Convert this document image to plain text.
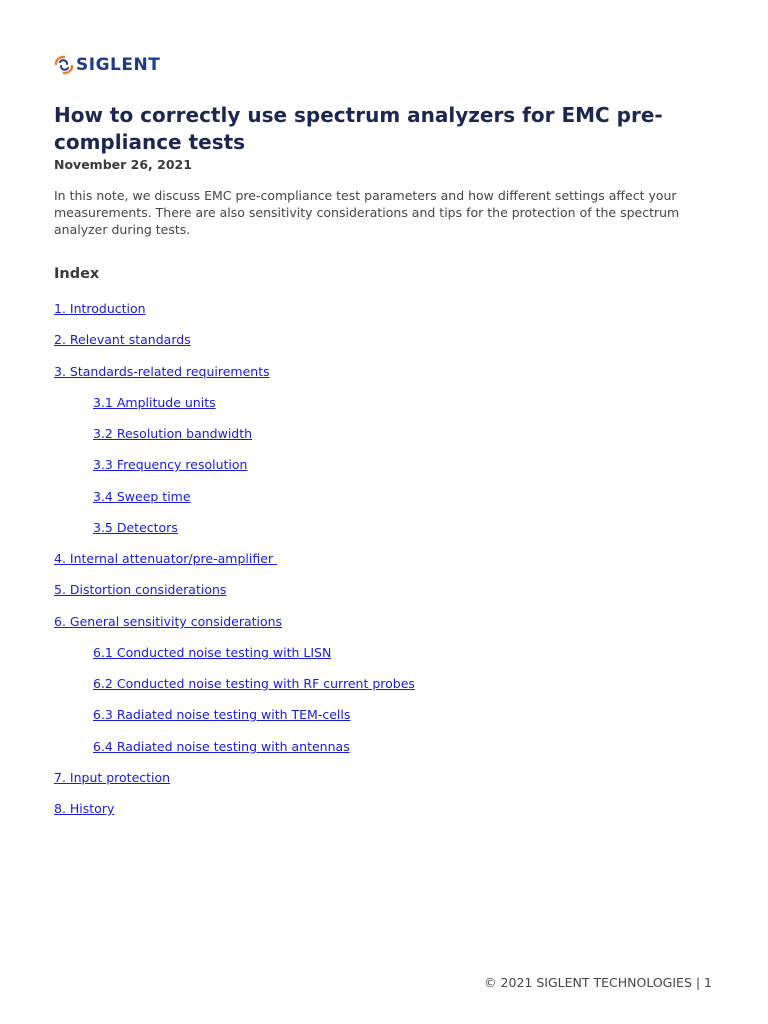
SIGLENT
How to correctly use spectrum analyzers for EMC pre-compliance tests
November 26, 2021

In this note, we discuss EMC pre-compliance test parameters and how different settings affect your measurements. There are also sensitivity considerations and tips for the protection of the spectrum analyzer during tests.

Index
1. Introduction
2. Relevant standards
3. Standards-related requirements
3.1 Amplitude units
3.2 Resolution bandwidth
3.3 Frequency resolution
3.4 Sweep time
3.5 Detectors
4. Internal attenuator/pre-amplifier
5. Distortion considerations
6. General sensitivity considerations
6.1 Conducted noise testing with LISN
6.2 Conducted noise testing with RF current probes
6.3 Radiated noise testing with TEM-cells
6.4 Radiated noise testing with antennas
7. Input protection
8. History
© 2021 SIGLENT TECHNOLOGIES | 1
